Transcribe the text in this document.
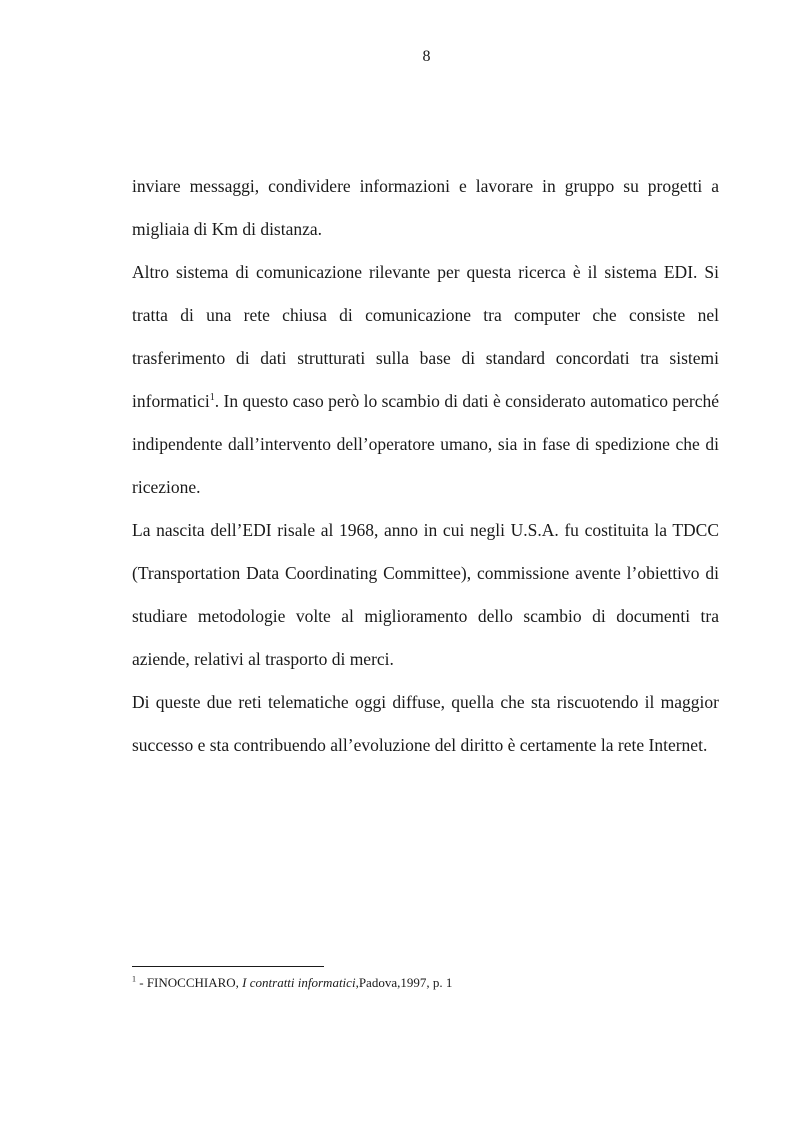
8

inviare messaggi, condividere informazioni e lavorare in gruppo su progetti a migliaia di Km di distanza.

Altro sistema di comunicazione rilevante per questa ricerca è il sistema EDI. Si tratta di una rete chiusa di comunicazione tra computer che consiste nel trasferimento di dati strutturati sulla base di standard concordati tra sistemi informatici$^1$. In questo caso però lo scambio di dati è considerato automatico perché indipendente dall’intervento dell’operatore umano, sia in fase di spedizione che di ricezione.

La nascita dell’EDI risale al 1968, anno in cui negli U.S.A. fu costituita la TDCC (Transportation Data Coordinating Committee), commissione avente l’obiettivo di studiare metodologie volte al miglioramento dello scambio di documenti tra aziende, relativi al trasporto di merci.

Di queste due reti telematiche oggi diffuse, quella che sta riscuotendo il maggior successo e sta contribuendo all’evoluzione del diritto è certamente la rete Internet.

$^1$ - FINOCCHIARO, I contratti informatici,Padova,1997, p. 1
